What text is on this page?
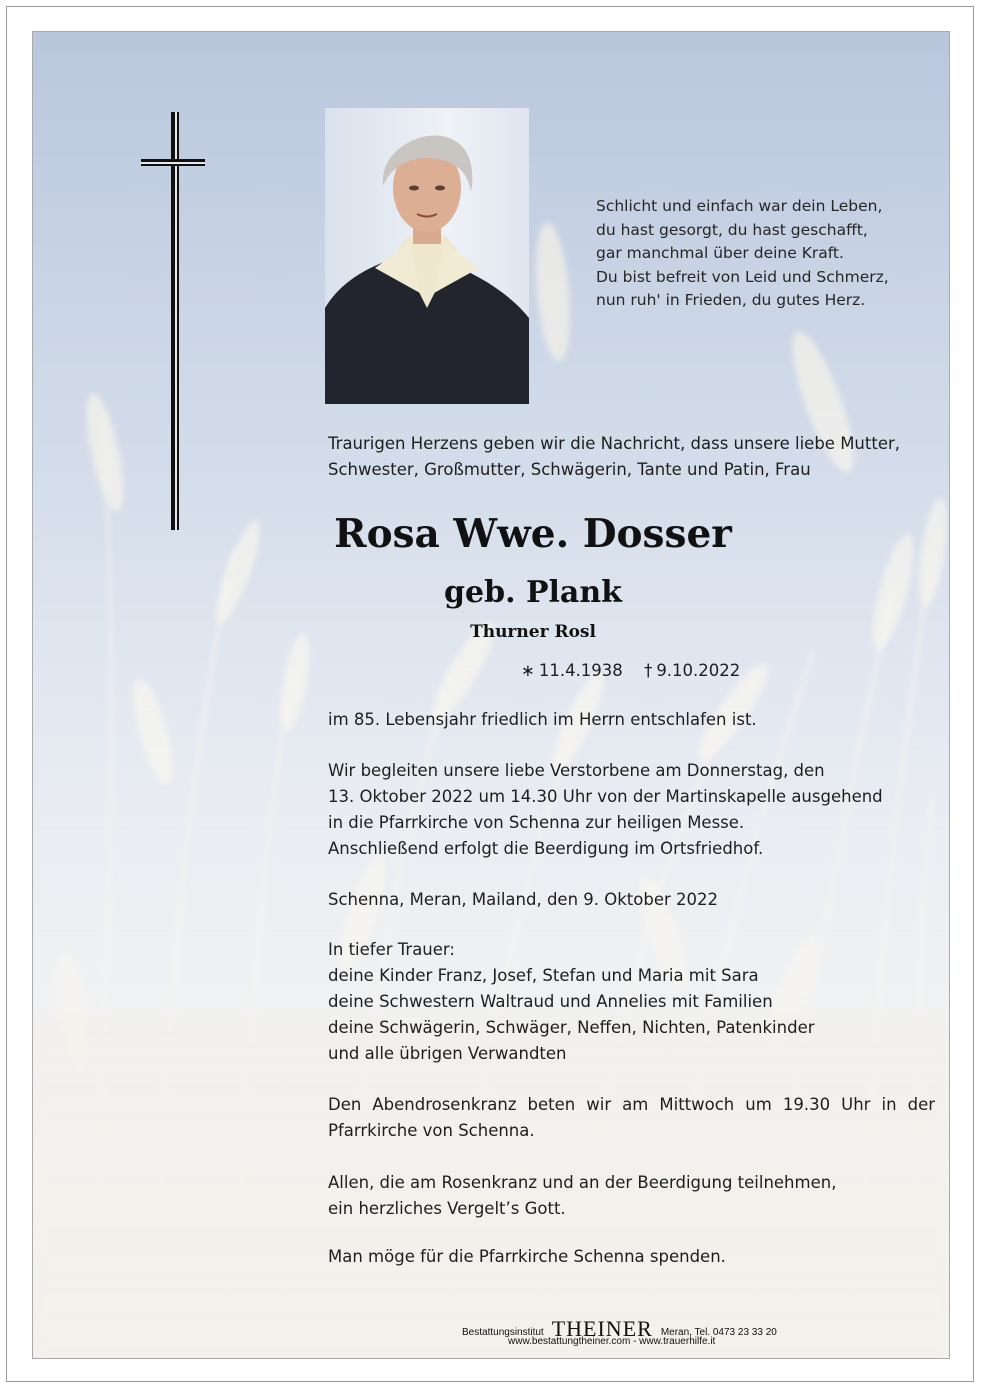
Schlicht und einfach war dein Leben,
du hast gesorgt, du hast geschafft,
gar manchmal über deine Kraft.
Du bist befreit von Leid und Schmerz,
nun ruh' in Frieden, du gutes Herz.
Traurigen Herzens geben wir die Nachricht, dass unsere liebe Mutter,
Schwester, Großmutter, Schwägerin, Tante und Patin, Frau
Rosa Wwe. Dosser
geb. Plank
Thurner Rosl
∗ 11.4.1938 † 9.10.2022
im 85. Lebensjahr friedlich im Herrn entschlafen ist.
Wir begleiten unsere liebe Verstorbene am Donnerstag, den
13. Oktober 2022 um 14.30 Uhr von der Martinskapelle ausgehend
in die Pfarrkirche von Schenna zur heiligen Messe.
Anschließend erfolgt die Beerdigung im Ortsfriedhof.
Schenna, Meran, Mailand, den 9. Oktober 2022
In tiefer Trauer:
deine Kinder Franz, Josef, Stefan und Maria mit Sara
deine Schwestern Waltraud und Annelies mit Familien
deine Schwägerin, Schwäger, Neffen, Nichten, Patenkinder
und alle übrigen Verwandten
Den Abendrosenkranz beten wir am Mittwoch um 19.30 Uhr in der
Pfarrkirche von Schenna.
Allen, die am Rosenkranz und an der Beerdigung teilnehmen,
ein herzliches Vergelt’s Gott.
Man möge für die Pfarrkirche Schenna spenden.
Bestattungsinstitut THEINER Meran, Tel. 0473 23 33 20
www.bestattungtheiner.com - www.trauerhilfe.it
